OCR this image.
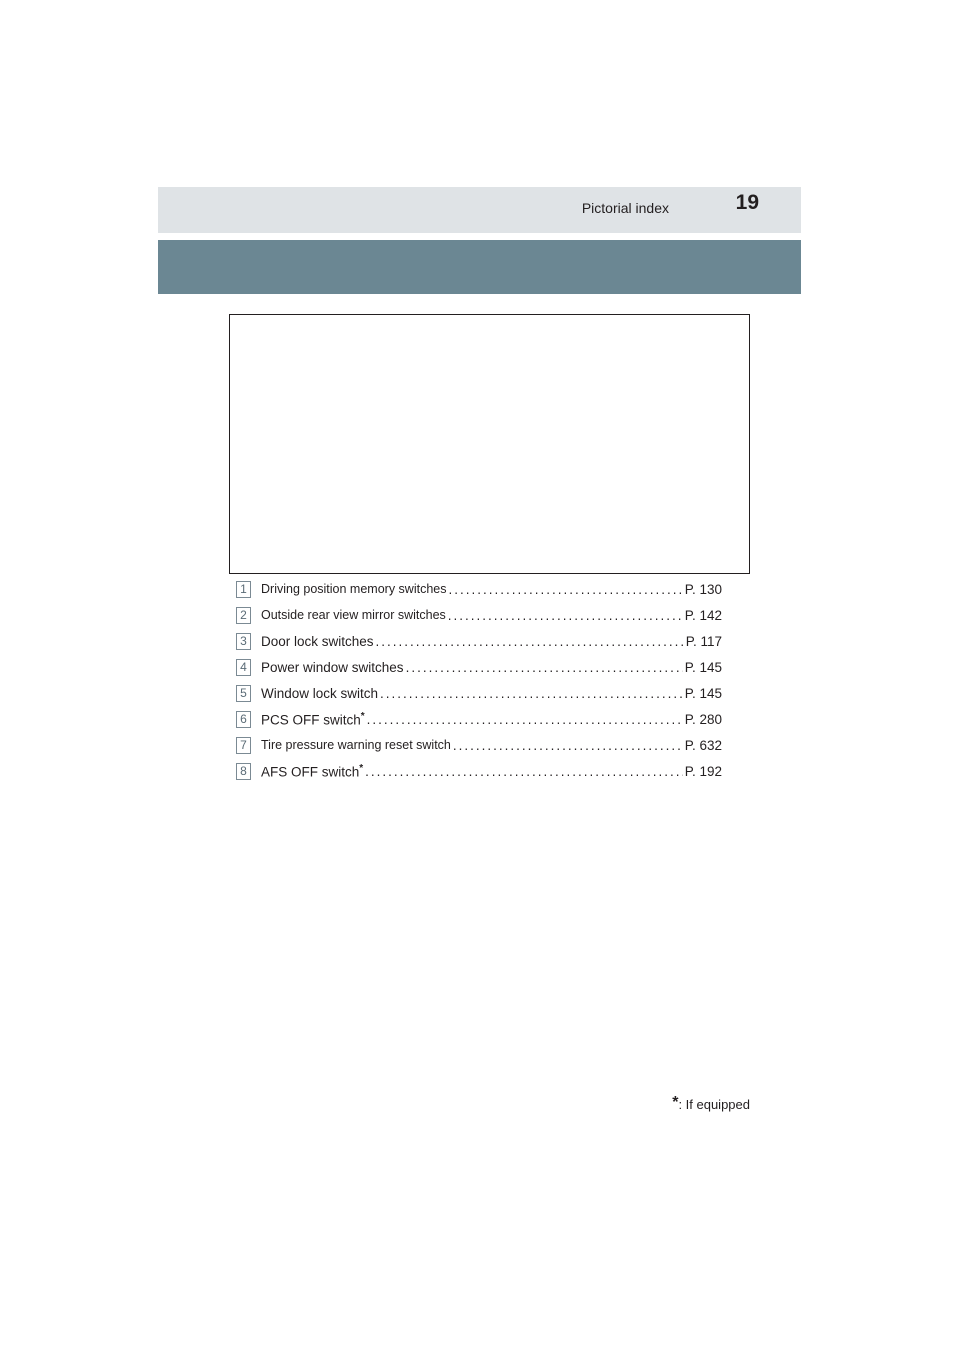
Pictorial index	19
1	Driving position memory switches .....	P. 130
2	Outside rear view mirror switches .....	P. 142
3	Door lock switches .....	P. 117
4	Power window switches .....	P. 145
5	Window lock switch .....	P. 145
6	PCS OFF switch* .....	P. 280
7	Tire pressure warning reset switch .....	P. 632
8	AFS OFF switch* .....	P. 192
*: If equipped
